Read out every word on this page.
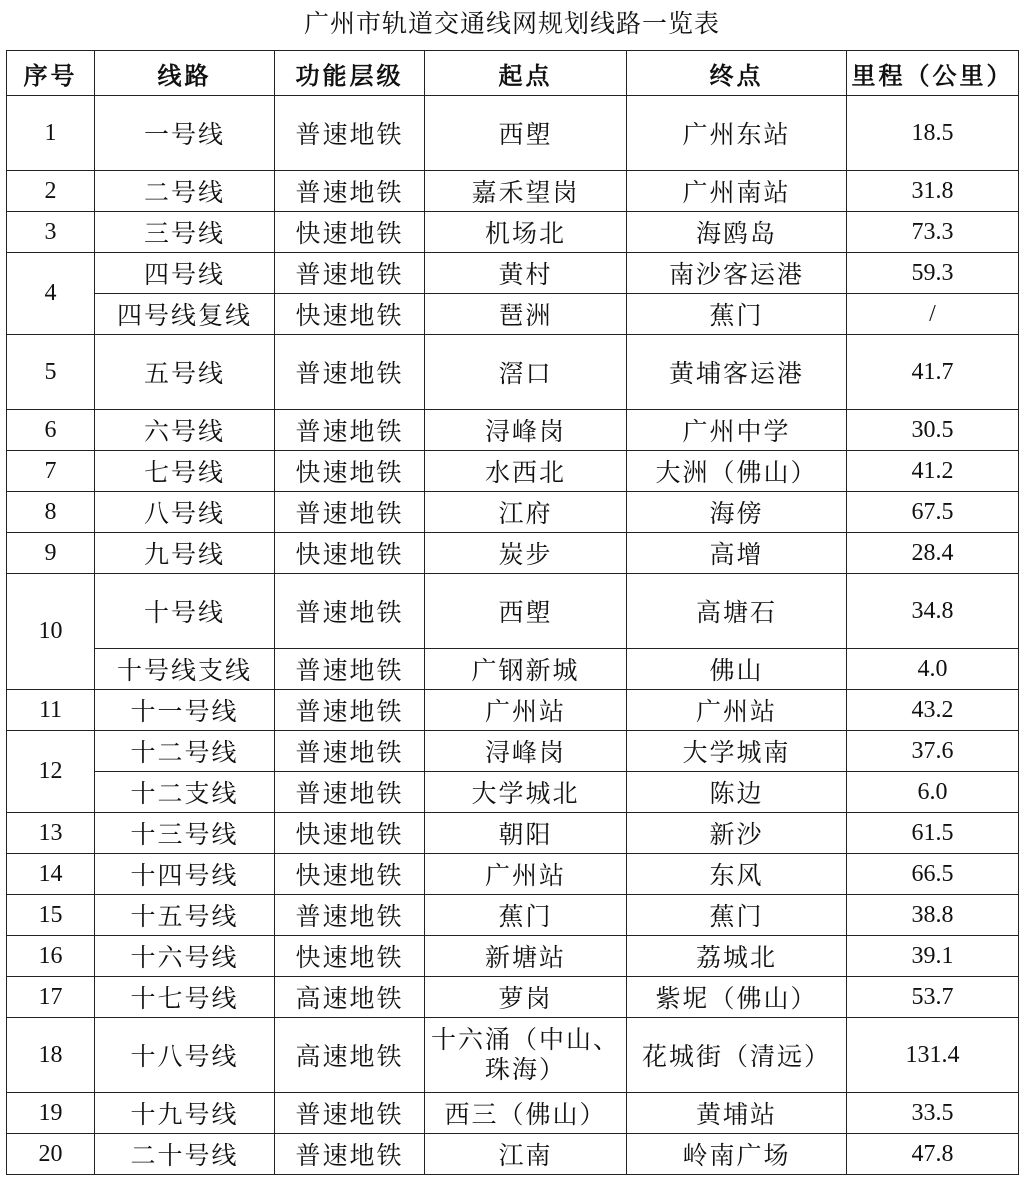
广州市轨道交通线网规划线路一览表
序号	线路	功能层级	起点	终点	里程（公里）
1	一号线	普速地铁	西塱	广州东站	18.5
2	二号线	普速地铁	嘉禾望岗	广州南站	31.8
3	三号线	快速地铁	机场北	海鸥岛	73.3
4	四号线	普速地铁	黄村	南沙客运港	59.3
	四号线复线	快速地铁	琶洲	蕉门	/
5	五号线	普速地铁	滘口	黄埔客运港	41.7
6	六号线	普速地铁	浔峰岗	广州中学	30.5
7	七号线	快速地铁	水西北	大洲（佛山）	41.2
8	八号线	普速地铁	江府	海傍	67.5
9	九号线	快速地铁	炭步	高增	28.4
10	十号线	普速地铁	西塱	高塘石	34.8
	十号线支线	普速地铁	广钢新城	佛山	4.0
11	十一号线	普速地铁	广州站	广州站	43.2
12	十二号线	普速地铁	浔峰岗	大学城南	37.6
	十二支线	普速地铁	大学城北	陈边	6.0
13	十三号线	快速地铁	朝阳	新沙	61.5
14	十四号线	快速地铁	广州站	东风	66.5
15	十五号线	普速地铁	蕉门	蕉门	38.8
16	十六号线	快速地铁	新塘站	荔城北	39.1
17	十七号线	高速地铁	萝岗	紫坭（佛山）	53.7
18	十八号线	高速地铁	十六涌（中山、珠海）	花城街（清远）	131.4
19	十九号线	普速地铁	西三（佛山）	黄埔站	33.5
20	二十号线	普速地铁	江南	岭南广场	47.8
